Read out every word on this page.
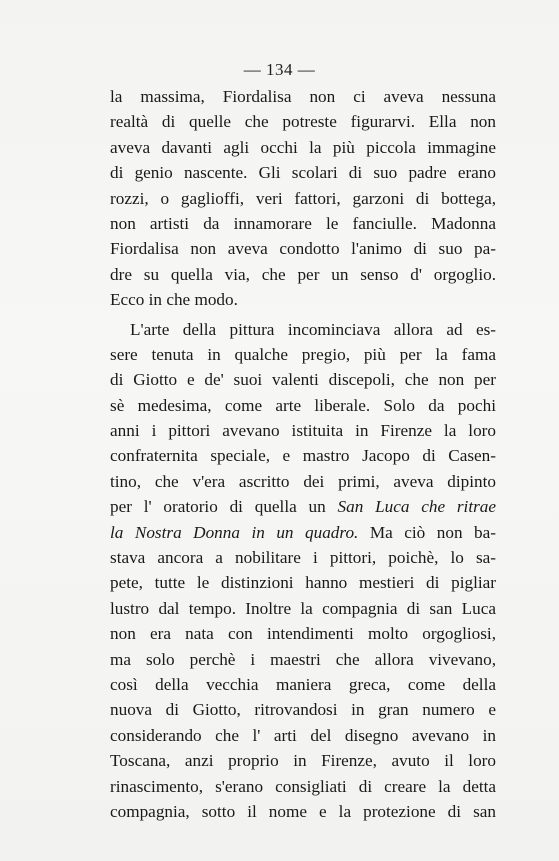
— 134 —
la massima, Fiordalisa non ci aveva nessuna
realtà di quelle che potreste figurarvi. Ella non
aveva davanti agli occhi la più piccola immagine
di genio nascente. Gli scolari di suo padre erano
rozzi, o gaglioffi, veri fattori, garzoni di bottega,
non artisti da innamorare le fanciulle. Madonna
Fiordalisa non aveva condotto l'animo di suo pa-
dre su quella via, che per un senso d' orgoglio.
Ecco in che modo.
L'arte della pittura incominciava allora ad es-
sere tenuta in qualche pregio, più per la fama
di Giotto e de' suoi valenti discepoli, che non per
sè medesima, come arte liberale. Solo da pochi
anni i pittori avevano istituita in Firenze la loro
confraternita speciale, e mastro Jacopo di Casen-
tino, che v'era ascritto dei primi, aveva dipinto
per l' oratorio di quella un San Luca che ritrae
la Nostra Donna in un quadro. Ma ciò non ba-
stava ancora a nobilitare i pittori, poichè, lo sa-
pete, tutte le distinzioni hanno mestieri di pigliar
lustro dal tempo. Inoltre la compagnia di san Luca
non era nata con intendimenti molto orgogliosi,
ma solo perchè i maestri che allora vivevano,
così della vecchia maniera greca, come della
nuova di Giotto, ritrovandosi in gran numero e
considerando che l' arti del disegno avevano in
Toscana, anzi proprio in Firenze, avuto il loro
rinascimento, s'erano consigliati di creare la detta
compagnia, sotto il nome e la protezione di san
